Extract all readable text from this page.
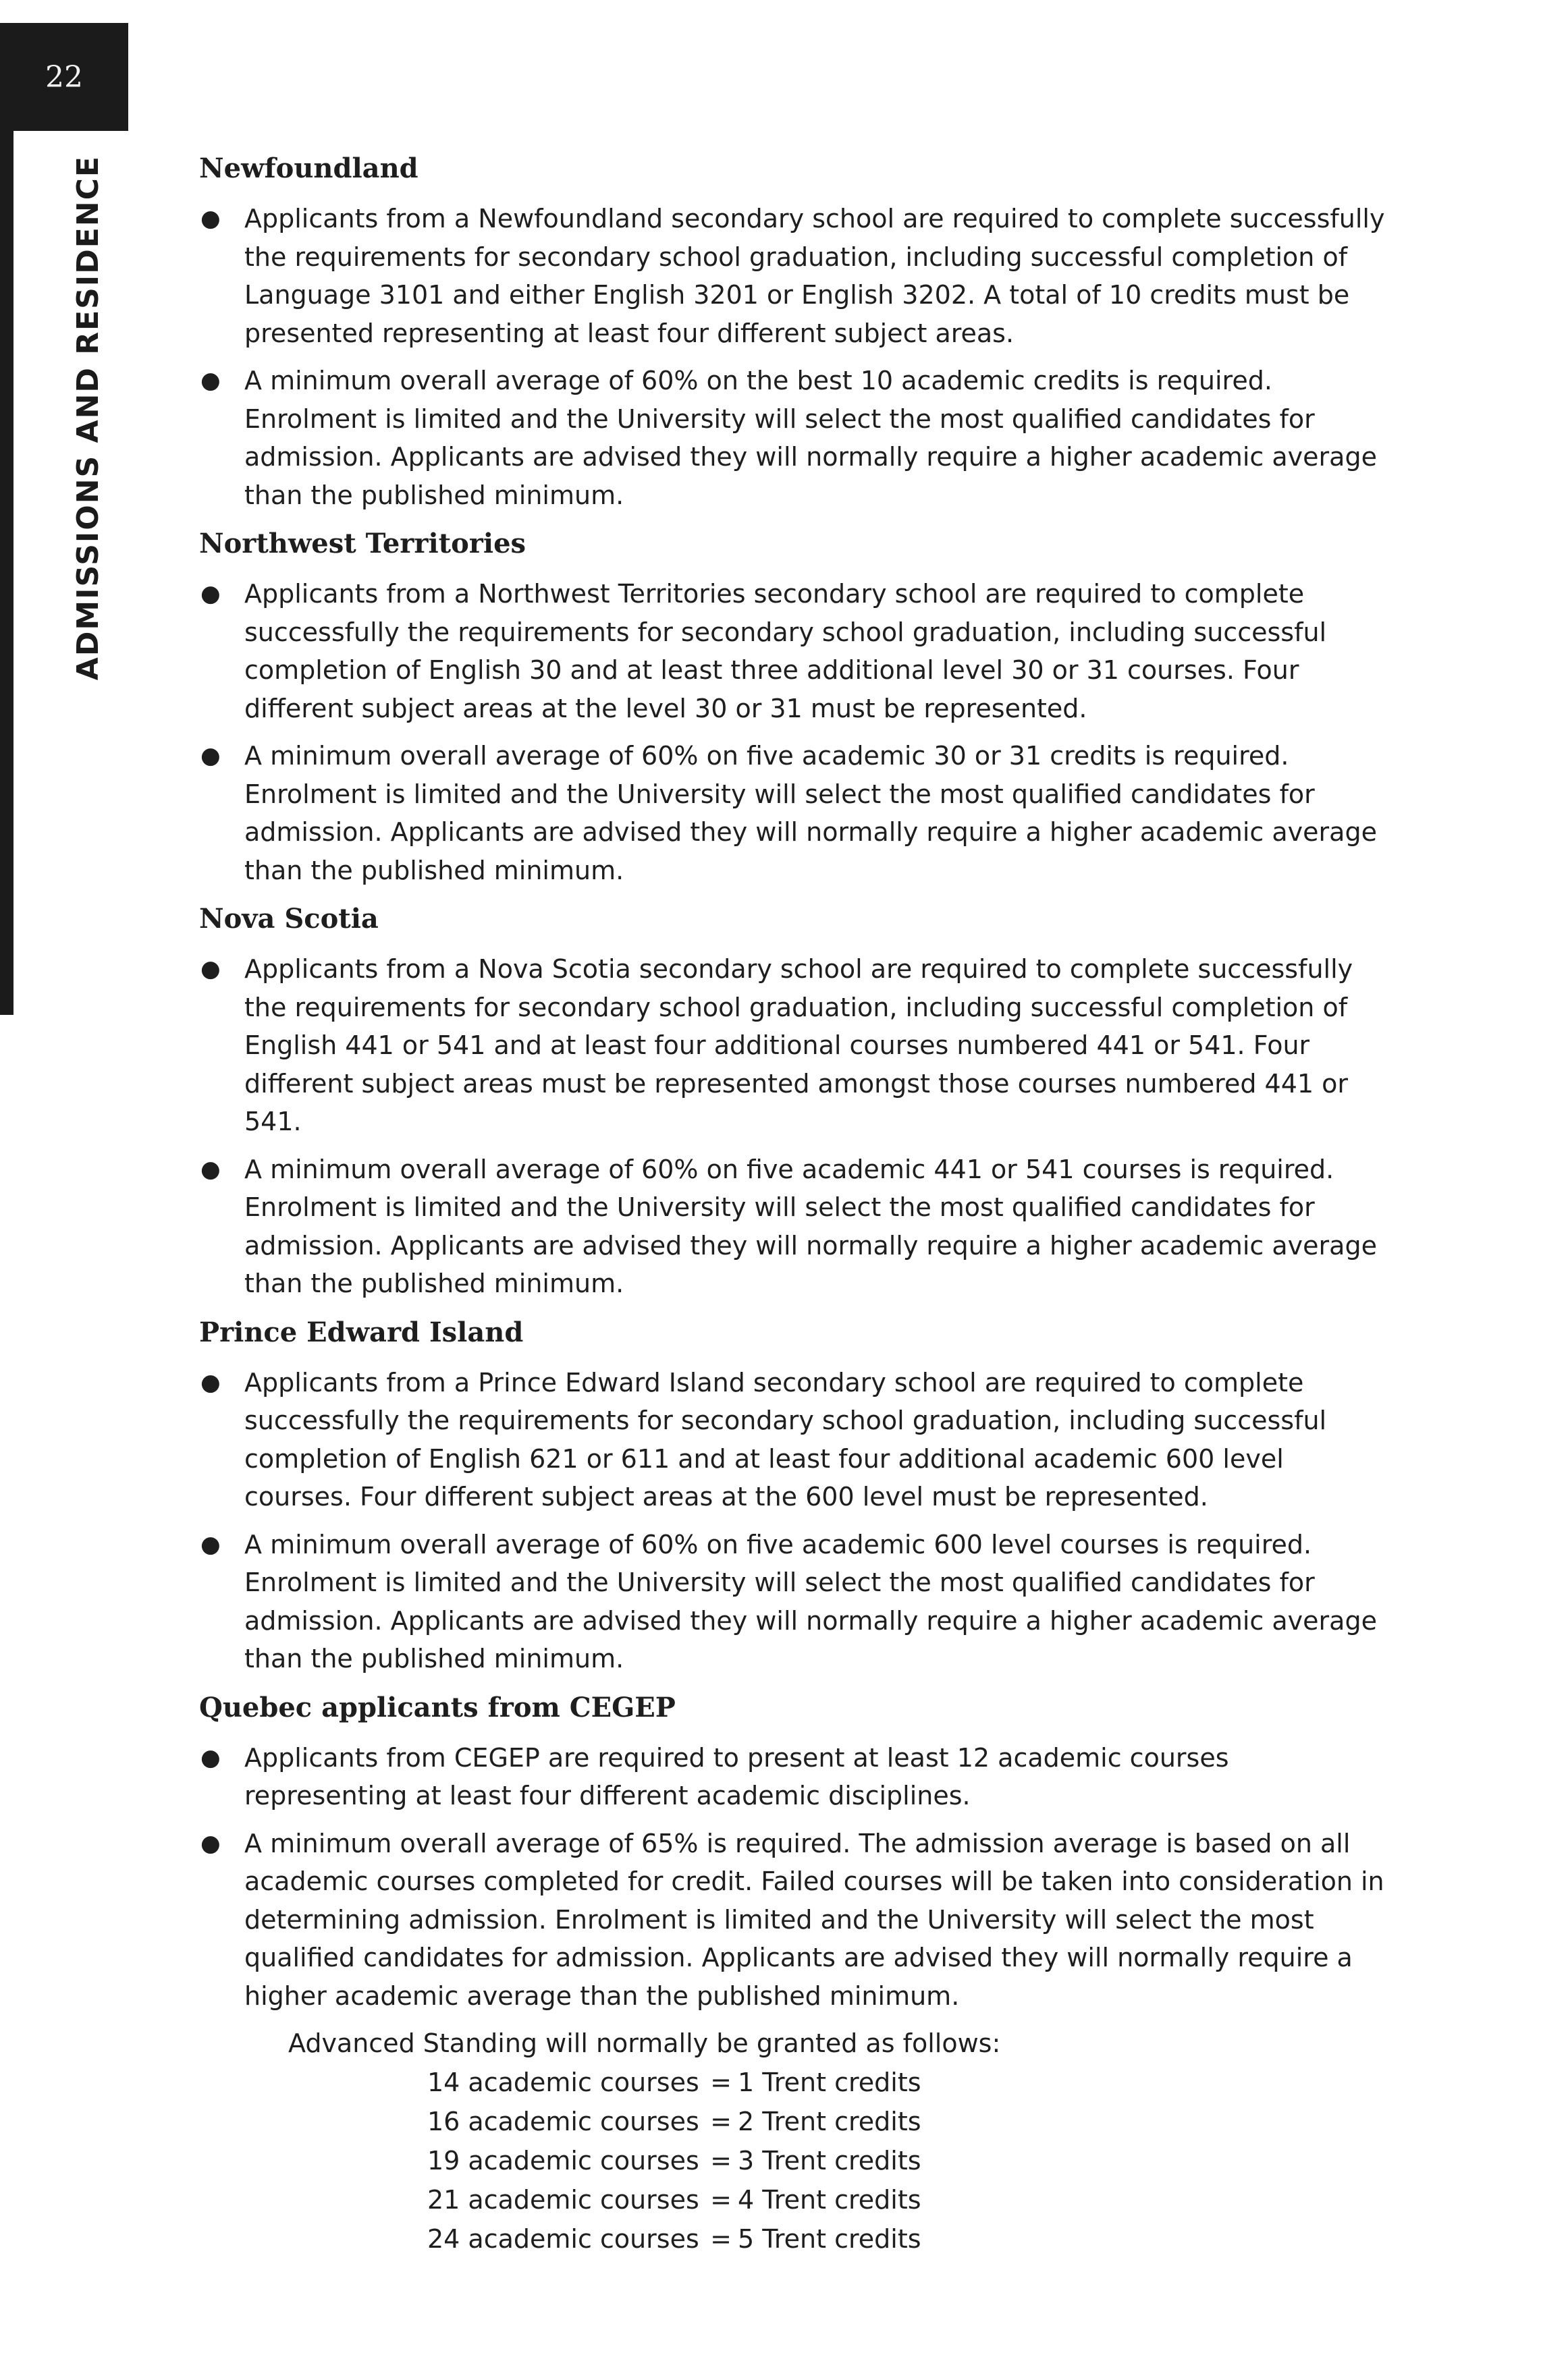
22
ADMISSIONS AND RESIDENCE	Newfoundland
● Applicants from a Newfoundland secondary school are required to complete successfully the requirements for secondary school graduation, including successful completion of Language 3101 and either English 3201 or English 3202. A total of 10 credits must be presented representing at least four different subject areas.
● A minimum overall average of 60% on the best 10 academic credits is required. Enrolment is limited and the University will select the most qualified candidates for admission. Applicants are advised they will normally require a higher academic average than the published minimum.
Northwest Territories
● Applicants from a Northwest Territories secondary school are required to complete successfully the requirements for secondary school graduation, including successful completion of English 30 and at least three additional level 30 or 31 courses. Four different subject areas at the level 30 or 31 must be represented.
● A minimum overall average of 60% on five academic 30 or 31 credits is required. Enrolment is limited and the University will select the most qualified candidates for admission. Applicants are advised they will normally require a higher academic average than the published minimum.
Nova Scotia
● Applicants from a Nova Scotia secondary school are required to complete successfully the requirements for secondary school graduation, including successful completion of English 441 or 541 and at least four additional courses numbered 441 or 541. Four different subject areas must be represented amongst those courses numbered 441 or 541.
● A minimum overall average of 60% on five academic 441 or 541 courses is required. Enrolment is limited and the University will select the most qualified candidates for admission. Applicants are advised they will normally require a higher academic average than the published minimum.
Prince Edward Island
● Applicants from a Prince Edward Island secondary school are required to complete successfully the requirements for secondary school graduation, including successful completion of English 621 or 611 and at least four additional academic 600 level courses. Four different subject areas at the 600 level must be represented.
● A minimum overall average of 60% on five academic 600 level courses is required. Enrolment is limited and the University will select the most qualified candidates for admission. Applicants are advised they will normally require a higher academic average than the published minimum.
Quebec applicants from CEGEP
● Applicants from CEGEP are required to present at least 12 academic courses representing at least four different academic disciplines.
● A minimum overall average of 65% is required. The admission average is based on all academic courses completed for credit. Failed courses will be taken into consideration in determining admission. Enrolment is limited and the University will select the most qualified candidates for admission. Applicants are advised they will normally require a higher academic average than the published minimum.
Advanced Standing will normally be granted as follows:
14 academic courses = 1 Trent credits
16 academic courses = 2 Trent credits
19 academic courses = 3 Trent credits
21 academic courses = 4 Trent credits
24 academic courses = 5 Trent credits
